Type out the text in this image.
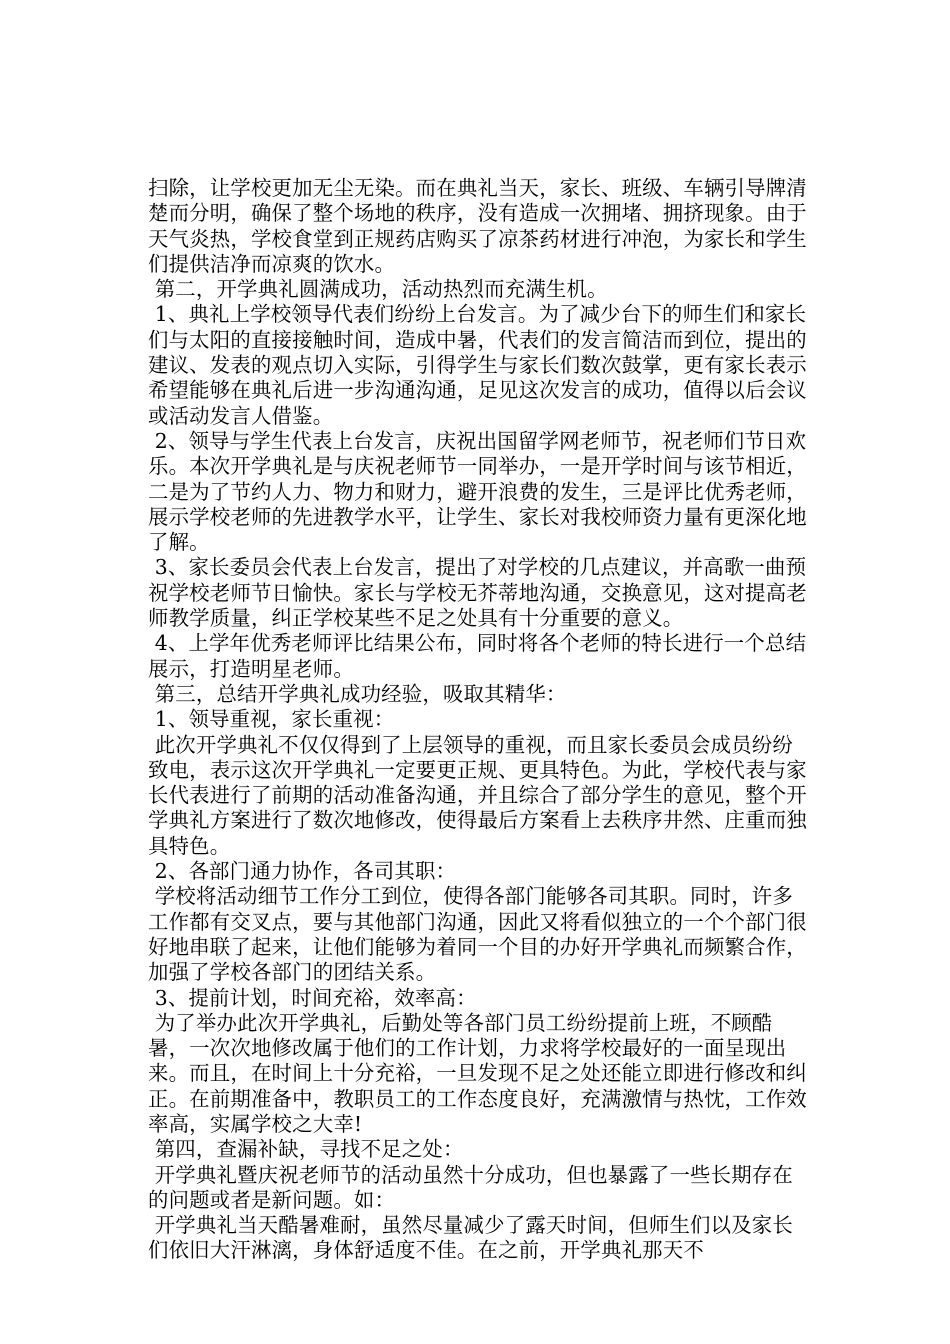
扫除，让学校更加无尘无染。而在典礼当天，家长、班级、车辆引导牌清楚而分明，确保了整个场地的秩序，没有造成一次拥堵、拥挤现象。由于天气炎热，学校食堂到正规药店购买了凉茶药材进行冲泡，为家长和学生们提供洁净而凉爽的饮水。

第二，开学典礼圆满成功，活动热烈而充满生机。

1、典礼上学校领导代表们纷纷上台发言。为了减少台下的师生们和家长们与太阳的直接接触时间，造成中暑，代表们的发言简洁而到位，提出的建议、发表的观点切入实际，引得学生与家长们数次鼓掌，更有家长表示希望能够在典礼后进一步沟通沟通，足见这次发言的成功，值得以后会议或活动发言人借鉴。

2、领导与学生代表上台发言，庆祝出国留学网老师节，祝老师们节日欢乐。本次开学典礼是与庆祝老师节一同举办，一是开学时间与该节相近，二是为了节约人力、物力和财力，避开浪费的发生，三是评比优秀老师，展示学校老师的先进教学水平，让学生、家长对我校师资力量有更深化地了解。

3、家长委员会代表上台发言，提出了对学校的几点建议，并高歌一曲预祝学校老师节日愉快。家长与学校无芥蒂地沟通，交换意见，这对提高老师教学质量，纠正学校某些不足之处具有十分重要的意义。

4、上学年优秀老师评比结果公布，同时将各个老师的特长进行一个总结展示，打造明星老师。

第三，总结开学典礼成功经验，吸取其精华：

1、领导重视，家长重视：

此次开学典礼不仅仅得到了上层领导的重视，而且家长委员会成员纷纷致电，表示这次开学典礼一定要更正规、更具特色。为此，学校代表与家长代表进行了前期的活动准备沟通，并且综合了部分学生的意见，整个开学典礼方案进行了数次地修改，使得最后方案看上去秩序井然、庄重而独具特色。

2、各部门通力协作，各司其职：

学校将活动细节工作分工到位，使得各部门能够各司其职。同时，许多工作都有交叉点，要与其他部门沟通，因此又将看似独立的一个个部门很好地串联了起来，让他们能够为着同一个目的办好开学典礼而频繁合作，加强了学校各部门的团结关系。

3、提前计划，时间充裕，效率高：

为了举办此次开学典礼，后勤处等各部门员工纷纷提前上班，不顾酷暑，一次次地修改属于他们的工作计划，力求将学校最好的一面呈现出来。而且，在时间上十分充裕，一旦发现不足之处还能立即进行修改和纠正。在前期准备中，教职员工的工作态度良好，充满激情与热忱，工作效率高，实属学校之大幸!

第四，查漏补缺，寻找不足之处：

开学典礼暨庆祝老师节的活动虽然十分成功，但也暴露了一些长期存在的问题或者是新问题。如：

开学典礼当天酷暑难耐，虽然尽量减少了露天时间，但师生们以及家长们依旧大汗淋漓，身体舒适度不佳。在之前，开学典礼那天不
